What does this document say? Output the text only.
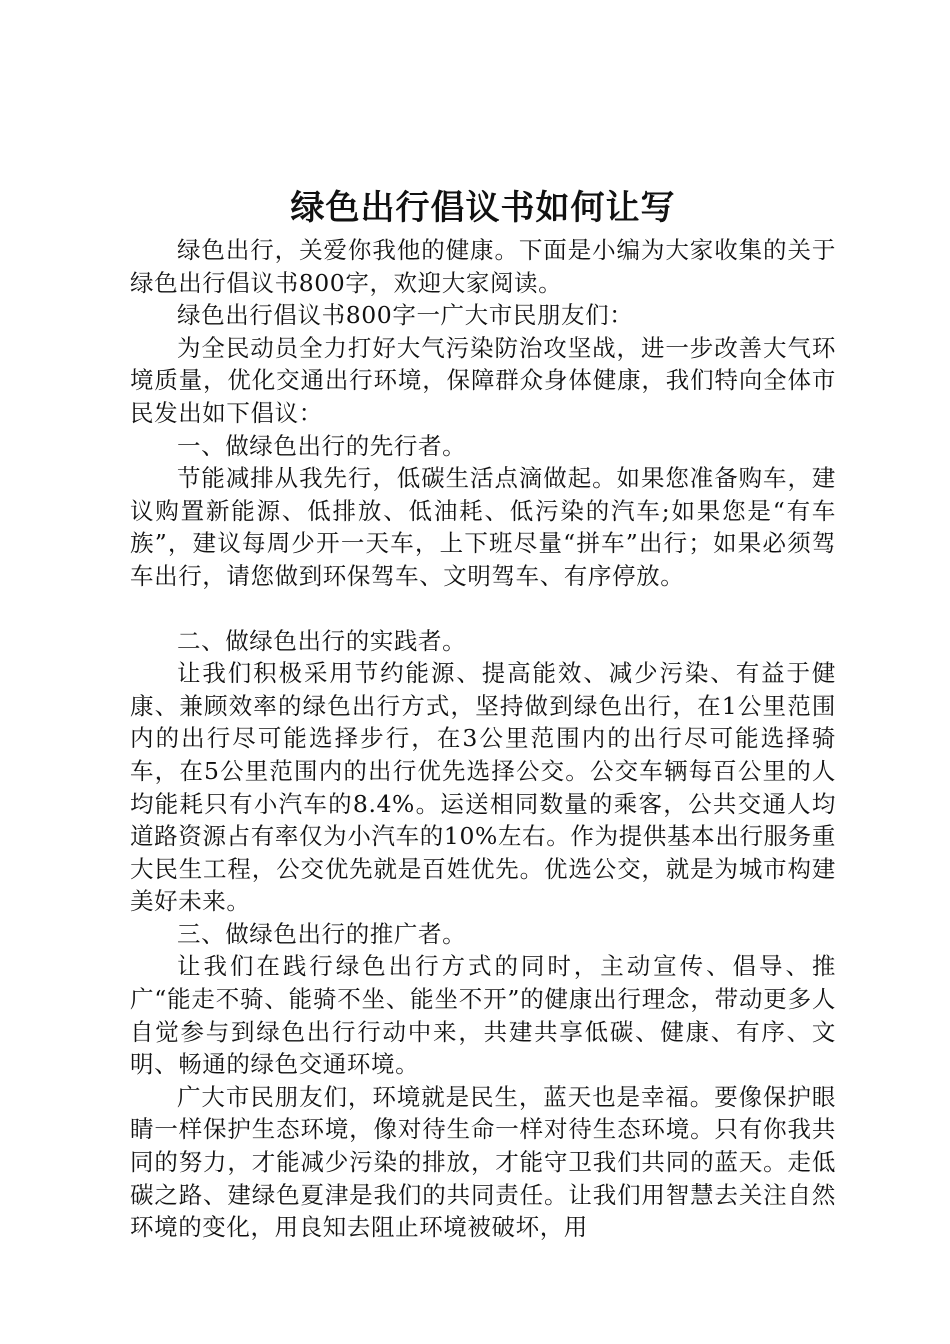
绿色出行倡议书如何让写

绿色出行，关爱你我他的健康。下面是小编为大家收集的关于绿色出行倡议书800字，欢迎大家阅读。

绿色出行倡议书800字一广大市民朋友们：

为全民动员全力打好大气污染防治攻坚战，进一步改善大气环境质量，优化交通出行环境，保障群众身体健康，我们特向全体市民发出如下倡议：

一、做绿色出行的先行者。

节能减排从我先行，低碳生活点滴做起。如果您准备购车，建议购置新能源、低排放、低油耗、低污染的汽车;如果您是“有车族”，建议每周少开一天车，上下班尽量“拼车”出行；如果必须驾车出行，请您做到环保驾车、文明驾车、有序停放。

二、做绿色出行的实践者。

让我们积极采用节约能源、提高能效、减少污染、有益于健康、兼顾效率的绿色出行方式，坚持做到绿色出行，在1公里范围内的出行尽可能选择步行，在3公里范围内的出行尽可能选择骑车，在5公里范围内的出行优先选择公交。公交车辆每百公里的人均能耗只有小汽车的8.4%。运送相同数量的乘客，公共交通人均道路资源占有率仅为小汽车的10%左右。作为提供基本出行服务重大民生工程，公交优先就是百姓优先。优选公交，就是为城市构建美好未来。

三、做绿色出行的推广者。

让我们在践行绿色出行方式的同时，主动宣传、倡导、推广“能走不骑、能骑不坐、能坐不开”的健康出行理念，带动更多人自觉参与到绿色出行行动中来，共建共享低碳、健康、有序、文明、畅通的绿色交通环境。

广大市民朋友们，环境就是民生，蓝天也是幸福。要像保护眼睛一样保护生态环境，像对待生命一样对待生态环境。只有你我共同的努力，才能减少污染的排放，才能守卫我们共同的蓝天。走低碳之路、建绿色夏津是我们的共同责任。让我们用智慧去关注自然环境的变化，用良知去阻止环境被破坏，用
